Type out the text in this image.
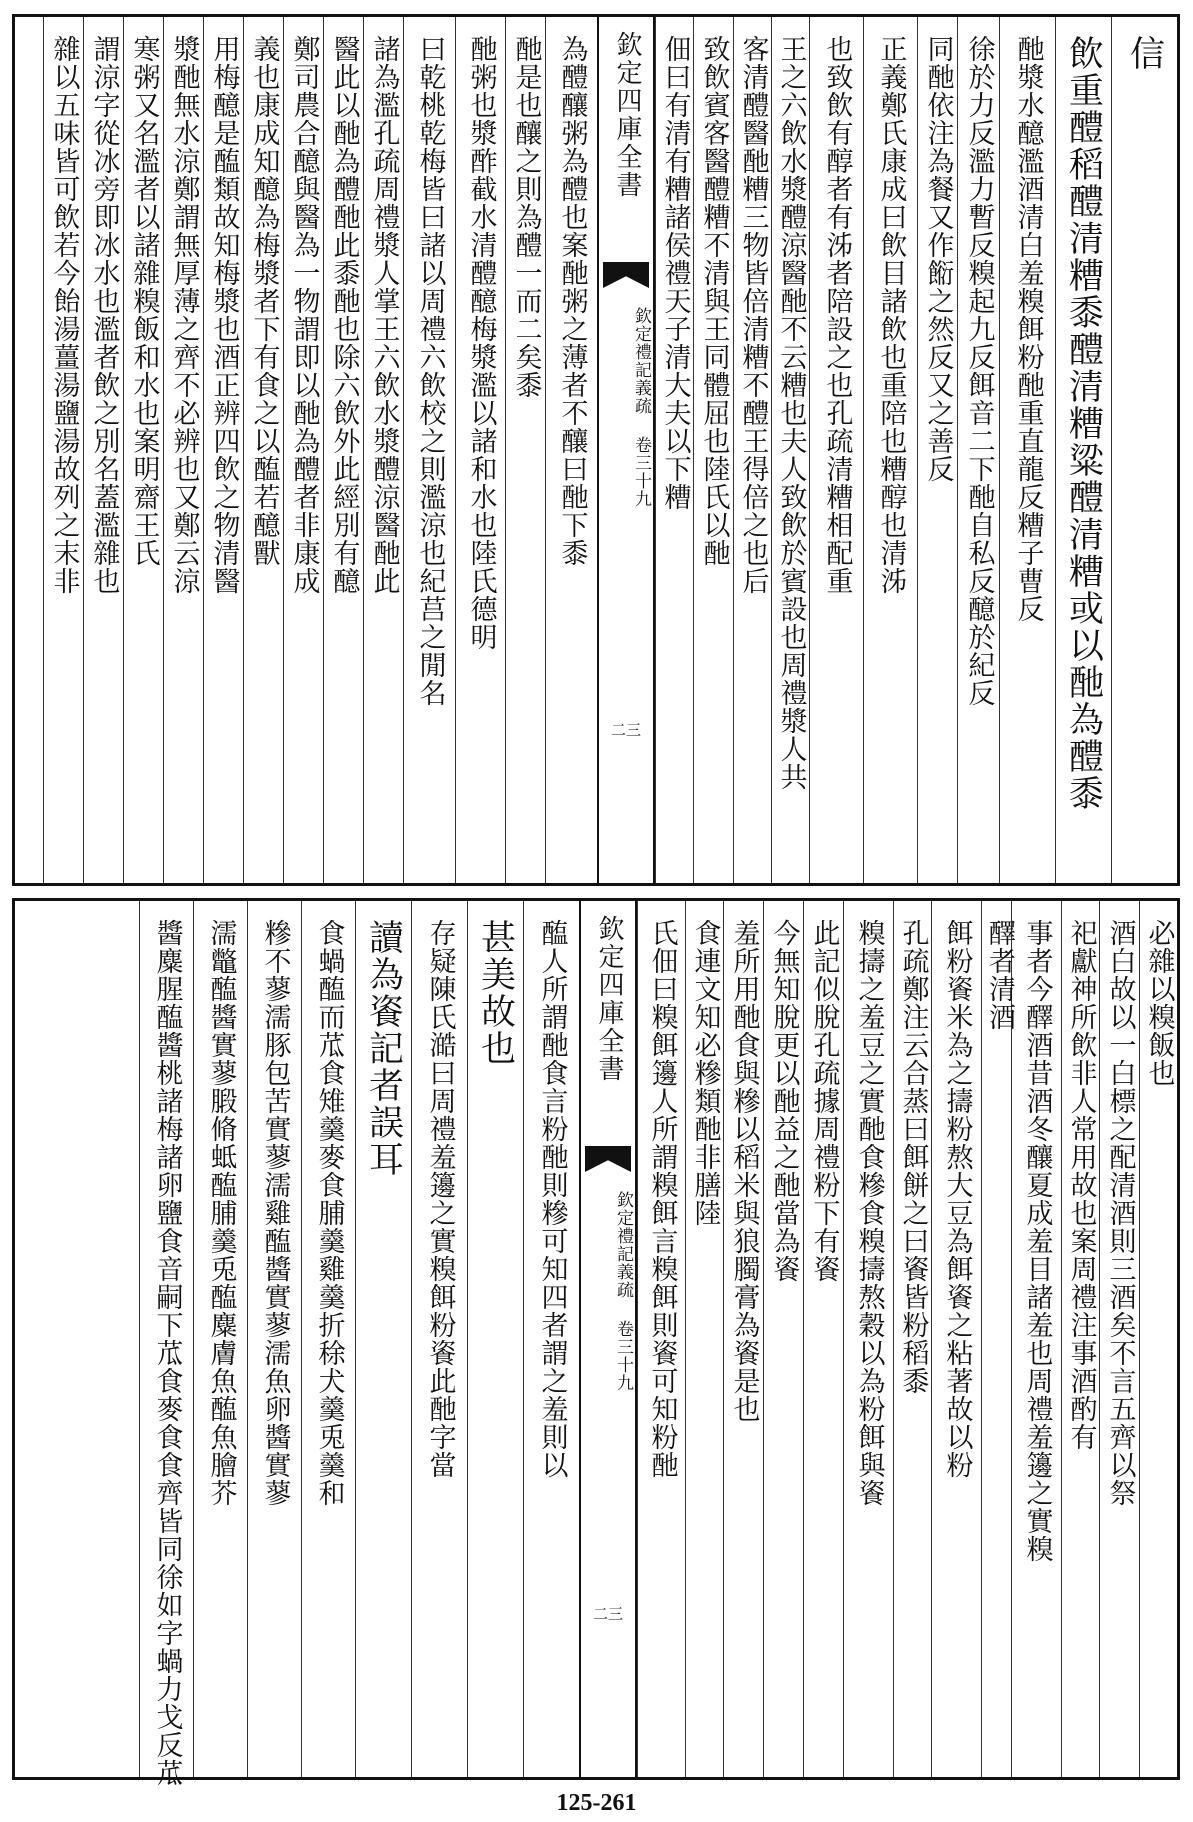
信
飲重醴稻醴清糟黍醴清糟粱醴清糟或以酏為醴黍
酏漿水醷濫酒清白羞糗餌粉酏重直龍反糟子曹反
徐於力反濫力暫反糗起九反餌音二下酏自私反醷於紀反
同酏依注為餐又作餰之然反又之善反
正義鄭氏康成曰飲目諸飲也重陪也糟醇也清泲
也致飲有醇者有泲者陪設之也孔疏清糟相配重
王之六飲水漿醴涼醫酏不云糟也夫人致飲於賓設也周禮漿人共
客清醴醫酏糟三物皆倍清糟不醴王得倍之也后
致飲賓客醫醴糟不清與王同體屈也陸氏以酏
佃曰有清有糟諸侯禮天子清大夫以下糟
欽定四庫全書
欽定禮記義疏 卷三十九
二三
為醴釀粥為醴也案酏粥之薄者不釀曰酏下黍
酏是也釀之則為醴一而二矣黍
酏粥也漿酢截水清醴醷梅漿濫以諸和水也陸氏德明
曰乾桃乾梅皆曰諸以周禮六飲校之則濫涼也紀莒之閒名
諸為濫孔疏周禮漿人掌王六飲水漿醴涼醫酏此
醫此以酏為醴酏此黍酏也除六飲外此經別有醷
鄭司農合醷與醫為一物謂即以酏為醴者非康成
義也康成知醷為梅漿者下有食之以醢若醷獸
用梅醷是醢類故知梅漿也酒正辨四飲之物清醫
漿酏無水涼鄭謂無厚薄之齊不必辨也又鄭云涼
寒粥又名濫者以諸雜糗飯和水也案明齋王氏
謂涼字從冰旁即冰水也濫者飲之別名蓋濫雜也
雜以五味皆可飲若今飴湯薑湯鹽湯故列之末非
必雜以糗飯也
酒白故以一白標之配清酒則三酒矣不言五齊以祭
祀獻神所飲非人常用故也案周禮注事酒酌有
事者今醳酒昔酒冬釀夏成羞目諸羞也周禮羞籩之實糗
醳者清酒
餌粉餈米為之擣粉熬大豆為餌餈之粘著故以粉
孔疏鄭注云合蒸曰餌餅之曰餈皆粉稻黍
糗擣之羞豆之實酏食糝食糗擣熬穀以為粉餌與餈
此記似脫孔疏據周禮粉下有餈
今無知脫更以酏益之酏當為餈
羞所用酏食與糝以稻米與狼臅膏為餈是也
食連文知必糝類酏非膳陸
氏佃曰糗餌籩人所謂糗餌言糗餌則餈可知粉酏
欽定四庫全書
欽定禮記義疏 卷三十九
二三
醢人所謂酏食言粉酏則糝可知四者謂之羞則以
甚美故也
存疑陳氏澔曰周禮羞籩之實糗餌粉餈此酏字當
讀為餈記者誤耳
食蝸醢而苽食雉羹麥食脯羹雞羹折稌犬羹兎羹和
糝不蓼濡豚包苦實蓼濡雞醢醬實蓼濡魚卵醬實蓼
濡鼈醢醬實蓼腶脩蚳醢脯羹兎醢麋膚魚醢魚膾芥
醬麋腥醢醬桃諸梅諸卵鹽食音嗣下苽食麥食食齊皆同徐如字蝸力戈反苽
125-261
